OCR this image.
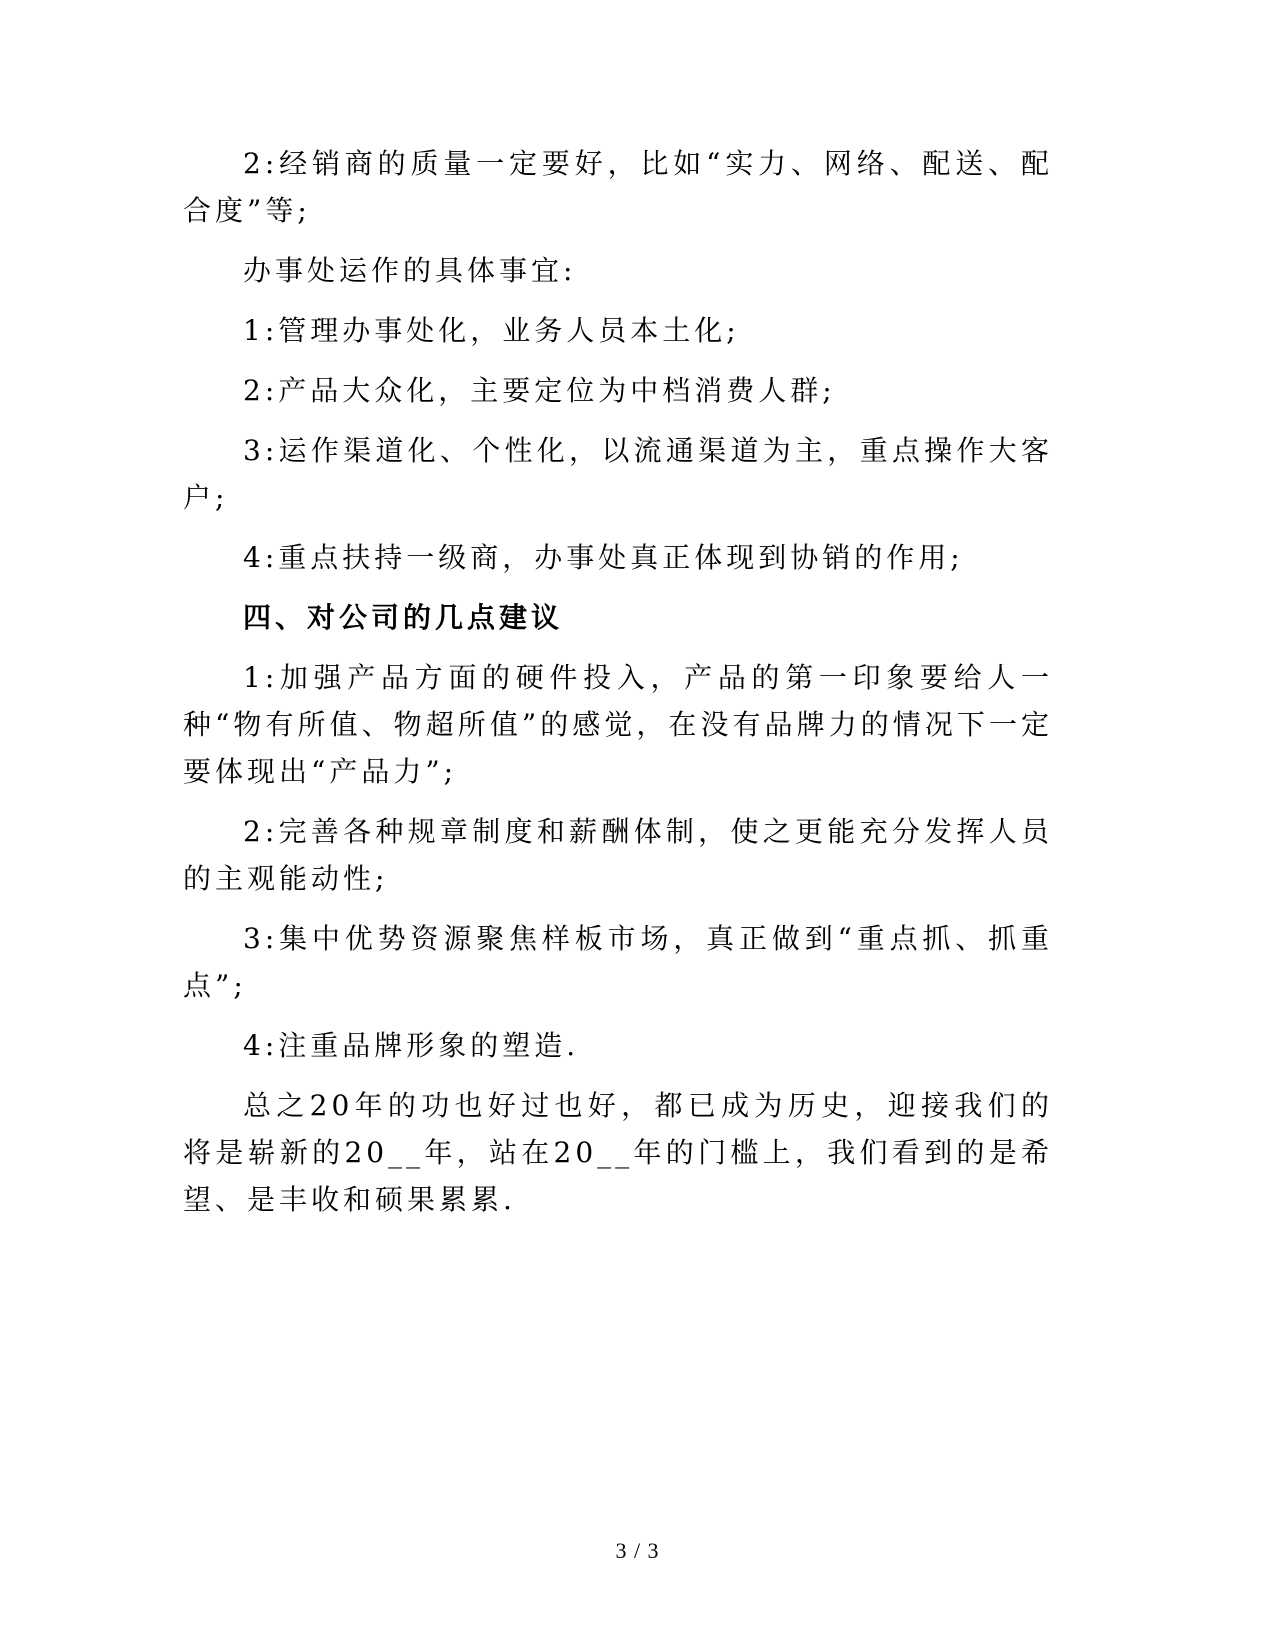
2:经销商的质量一定要好，比如“实力、网络、配送、配合度”等;

办事处运作的具体事宜:

1:管理办事处化，业务人员本土化;

2:产品大众化，主要定位为中档消费人群;

3:运作渠道化、个性化，以流通渠道为主，重点操作大客户;

4:重点扶持一级商，办事处真正体现到协销的作用;

四、对公司的几点建议

1:加强产品方面的硬件投入，产品的第一印象要给人一种“物有所值、物超所值”的感觉，在没有品牌力的情况下一定要体现出“产品力”;

2:完善各种规章制度和薪酬体制，使之更能充分发挥人员的主观能动性;

3:集中优势资源聚焦样板市场，真正做到“重点抓、抓重点”;

4:注重品牌形象的塑造.

总之20年的功也好过也好，都已成为历史，迎接我们的将是崭新的20__年，站在20__年的门槛上，我们看到的是希望、是丰收和硕果累累.

3 / 3
